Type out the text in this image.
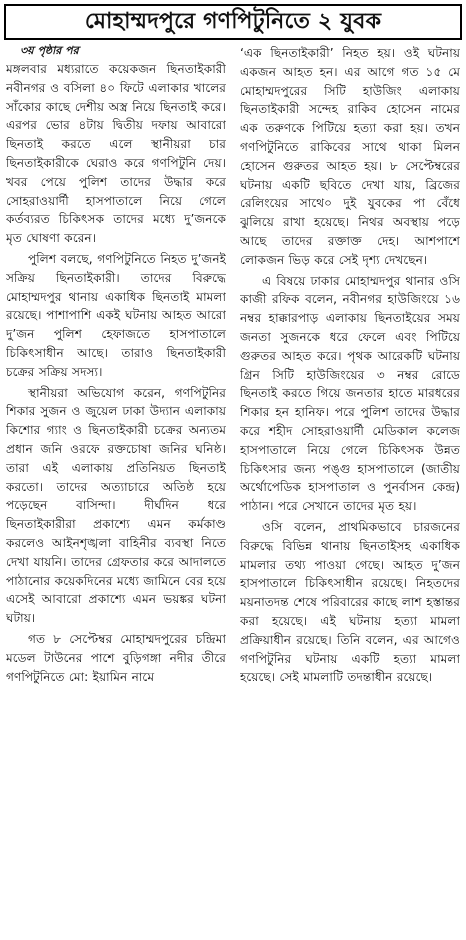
মোহাম্মদপুরে গণপিটুনিতে ২ যুবক
৩য় পৃষ্ঠার পর

মঙ্গলবার মধ্যরাতে কয়েকজন ছিনতাইকারী নবীনগর ও বসিলা ৪০ ফিটে এলাকার খালের সাঁকোর কাছে দেশীয় অস্ত্র নিয়ে ছিনতাই করে। এরপর ভোর ৪টায় দ্বিতীয় দফায় আবারো ছিনতাই করতে এলে স্থানীয়রা চার ছিনতাইকারীকে ঘেরাও করে গণপিটুনি দেয়। খবর পেয়ে পুলিশ তাদের উদ্ধার করে সোহরাওয়ার্দী হাসপাতালে নিয়ে গেলে কর্তব্যরত চিকিৎসক তাদের মধ্যে দু’জনকে মৃত ঘোষণা করেন।

পুলিশ বলছে, গণপিটুনিতে নিহত দু’জনই সক্রিয় ছিনতাইকারী। তাদের বিরুদ্ধে মোহাম্মদপুর থানায় একাধিক ছিনতাই মামলা রয়েছে। পাশাপাশি একই ঘটনায় আহত আরো দু’জন পুলিশ হেফাজতে হাসপাতালে চিকিৎসাধীন আছে। তারাও ছিনতাইকারী চক্রের সক্রিয় সদস্য।

স্থানীয়রা অভিযোগ করেন, গণপিটুনির শিকার সুজন ও জুয়েল ঢাকা উদ্যান এলাকায় কিশোর গ্যাং ও ছিনতাইকারী চক্রের অন্যতম প্রধান জনি ওরফে রক্তচোষা জনির ঘনিষ্ঠ। তারা এই এলাকায় প্রতিনিয়ত ছিনতাই করতো। তাদের অত্যাচারে অতিষ্ঠ হয়ে পড়েছেন বাসিন্দা। দীর্ঘদিন ধরে ছিনতাইকারীরা প্রকাশ্যে এমন কর্মকাণ্ড করলেও আইনশৃঙ্খলা বাহিনীর ব্যবস্থা নিতে দেখা যায়নি। তাদের গ্রেফতার করে আদালতে পাঠানোর কয়েকদিনের মধ্যে জামিনে বের হয়ে এসেই আবারো প্রকাশ্যে এমন ভয়ঙ্কর ঘটনা ঘটায়।

গত ৮ সেপ্টেম্বর মোহাম্মদপুরের চন্দ্রিমা মডেল টাউনের পাশে বুড়িগঙ্গা নদীর তীরে গণপিটুনিতে মো: ইয়ামিন নামে

‘এক ছিনতাইকারী’ নিহত হয়। ওই ঘটনায় একজন আহত হন। এর আগে গত ১৫ মে মোহাম্মদপুরের সিটি হাউজিং এলাকায় ছিনতাইকারী সন্দেহ রাকিব হোসেন নামের এক তরুণকে পিটিয়ে হত্যা করা হয়। তখন গণপিটুনিতে রাকিবের সাথে থাকা মিলন হোসেন গুরুতর আহত হয়। ৮ সেপ্টেম্বরের ঘটনায় একটি ছবিতে দেখা যায়, ব্রিজের রেলিংয়ের সাথে০ দুই যুবকের পা বেঁধে ঝুলিয়ে রাখা হয়েছে। নিথর অবস্থায় পড়ে আছে তাদের রক্তাক্ত দেহ। আশপাশে লোকজন ভিড় করে সেই দৃশ্য দেখছেন।

এ বিষয়ে ঢাকার মোহাম্মদপুর থানার ওসি কাজী রফিক বলেন, নবীনগর হাউজিংয়ে ১৬ নম্বর হাক্কারপাড় এলাকায় ছিনতাইয়ের সময় জনতা সুজনকে ধরে ফেলে এবং পিটিয়ে গুরুতর আহত করে। পৃথক আরেকটি ঘটনায় গ্রিন সিটি হাউজিংয়ের ৩ নম্বর রোডে ছিনতাই করতে গিয়ে জনতার হাতে মারধরের শিকার হন হানিফ। পরে পুলিশ তাদের উদ্ধার করে শহীদ সোহরাওয়ার্দী মেডিকাল কলেজ হাসপাতালে নিয়ে গেলে চিকিৎসক উন্নত চিকিৎসার জন্য পঙ্গু হাসপাতালে (জাতীয় অর্থোপেডিক হাসপাতাল ও পুনর্বাসন কেন্দ্র) পাঠান। পরে সেখানে তাদের মৃত হয়।

ওসি বলেন, প্রাথমিকভাবে চারজনের বিরুদ্ধে বিভিন্ন থানায় ছিনতাইসহ একাধিক মামলার তথ্য পাওয়া গেছে। আহত দু’জন হাসপাতালে চিকিৎসাধীন রয়েছে। নিহতদের ময়নাতদন্ত শেষে পরিবারের কাছে লাশ হস্তান্তর করা হয়েছে। এই ঘটনায় হত্যা মামলা প্রক্রিয়াধীন রয়েছে। তিনি বলেন, এর আগেও গণপিটুনির ঘটনায় একটি হত্যা মামলা হয়েছে। সেই মামলাটি তদন্তাধীন রয়েছে।
